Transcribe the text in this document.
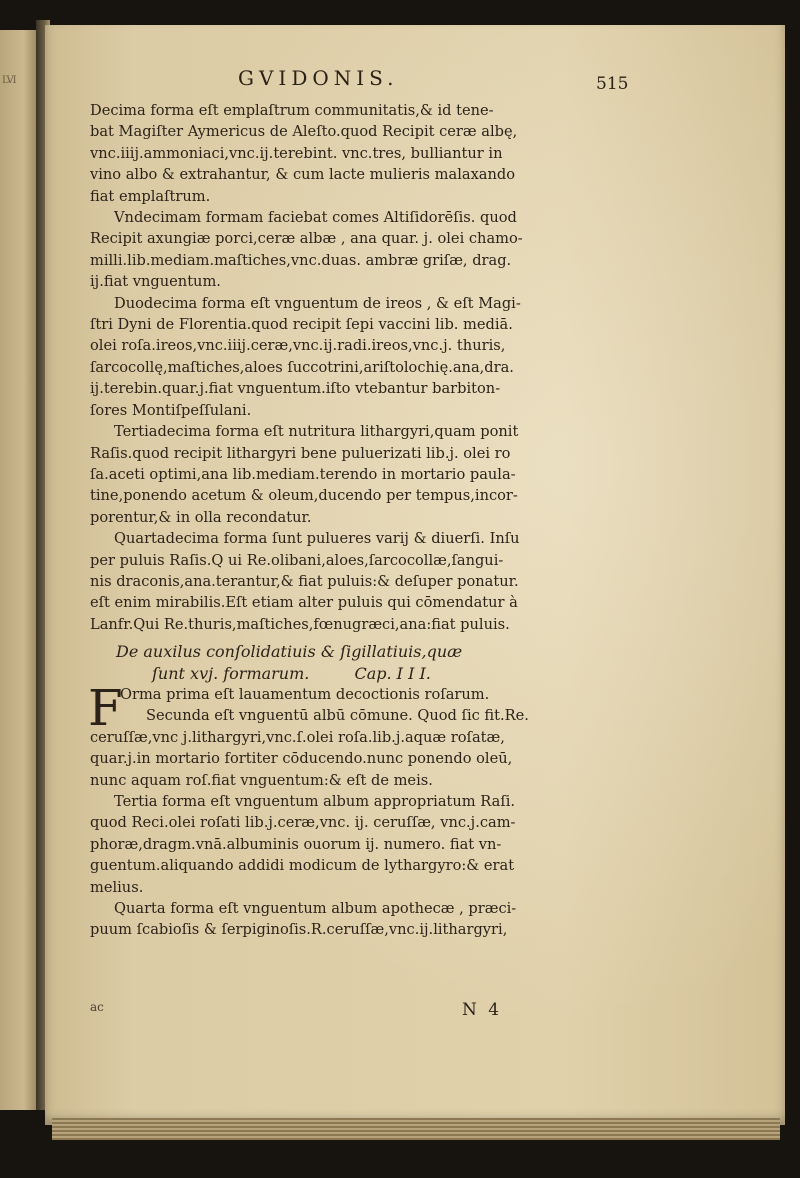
LVI	GVIDONIS.	515
Decima forma eſt emplaſtrum communitatis,& id tene-
bat Magiſter Aymericus de Aleſto.quod Recipit ceræ albę,
vnc.iiij.ammoniaci,vnc.ij.terebint. vnc.tres, bulliantur in
vino albo & extrahantur, & cum lacte mulieris malaxando
fiat emplaſtrum.
Vndecimam formam faciebat comes Altiſidorēſis. quod
Recipit axungiæ porci,ceræ albæ , ana quar. j. olei chamo-
milli.lib.mediam.maſtiches,vnc.duas. ambræ griſæ, drag.
ij.fiat vnguentum.
Duodecima forma eſt vnguentum de ireos , & eſt Magi-
ſtri Dyni de Florentia.quod recipit ſepi vaccini lib. mediā.
olei roſa.ireos,vnc.iiij.ceræ,vnc.ij.radi.ireos,vnc.j. thuris,
ſarcocollę,maſtiches,aloes ſuccotrini,ariſtolochię.ana,dra.
ij.terebin.quar.j.fiat vnguentum.iſto vtebantur barbiton-
ſores Montiſpeſſulani.
Tertiadecima forma eſt nutritura lithargyri,quam ponit
Raſis.quod recipit lithargyri bene puluerizati lib.j. olei ro
ſa.aceti optimi,ana lib.mediam.terendo in mortario paula-
tine,ponendo acetum & oleum,ducendo per tempus,incor-
porentur,& in olla recondatur.
Quartadecima forma ſunt pulueres varij & diuerſi. Inſu
per puluis Raſis.Q ui Re.olibani,aloes,ſarcocollæ,ſangui-
nis draconis,ana.terantur,& fiat puluis:& deſuper ponatur.
eſt enim mirabilis.Eſt etiam alter puluis qui cōmendatur à
Lanfr.Qui Re.thuris,maſtiches,fœnugræci,ana:fiat puluis.
De auxilus conſolidatiuis & ſigillatiuis,quæ
ſunt xvj. formarum.	Cap. I I I.
F
Orma prima eſt lauamentum decoctionis roſarum.
Secunda eſt vnguentū albū cōmune. Quod ſic fit.Re.
ceruſſæ,vnc j.lithargyri,vnc.ſ.olei roſa.lib.j.aquæ roſatæ,
quar.j.in mortario fortiter cōducendo.nunc ponendo oleū,
nunc aquam roſ.fiat vnguentum:& eſt de meis.
Tertia forma eſt vnguentum album appropriatum Raſi.
quod Reci.olei roſati lib.j.ceræ,vnc. ij. ceruſſæ, vnc.j.cam-
phoræ,dragm.vnā.albuminis ouorum ij. numero. fiat vn-
guentum.aliquando addidi modicum de lythargyro:& erat
melius.
Quarta forma eſt vnguentum album apothecæ , præci-
puum ſcabioſis & ſerpiginoſis.R.ceruſſæ,vnc.ij.lithargyri,
ac	N 4
